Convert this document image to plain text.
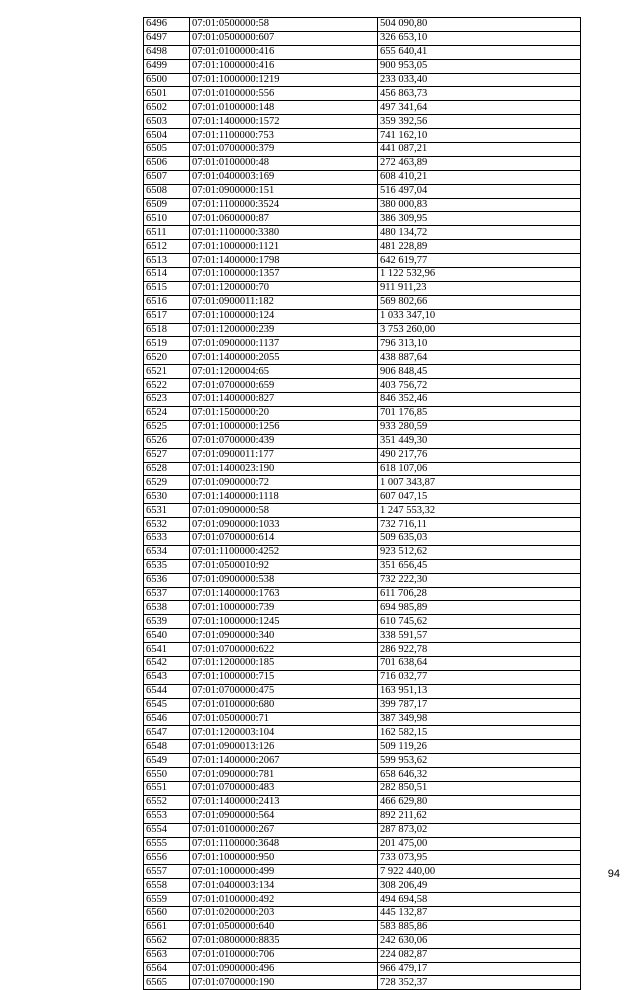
6496	07:01:0500000:58	504 090,80
6497	07:01:0500000:607	326 653,10
6498	07:01:0100000:416	655 640,41
6499	07:01:1000000:416	900 953,05
6500	07:01:1000000:1219	233 033,40
6501	07:01:0100000:556	456 863,73
6502	07:01:0100000:148	497 341,64
6503	07:01:1400000:1572	359 392,56
6504	07:01:1100000:753	741 162,10
6505	07:01:0700000:379	441 087,21
6506	07:01:0100000:48	272 463,89
6507	07:01:0400003:169	608 410,21
6508	07:01:0900000:151	516 497,04
6509	07:01:1100000:3524	380 000,83
6510	07:01:0600000:87	386 309,95
6511	07:01:1100000:3380	480 134,72
6512	07:01:1000000:1121	481 228,89
6513	07:01:1400000:1798	642 619,77
6514	07:01:1000000:1357	1 122 532,96
6515	07:01:1200000:70	911 911,23
6516	07:01:0900011:182	569 802,66
6517	07:01:1000000:124	1 033 347,10
6518	07:01:1200000:239	3 753 260,00
6519	07:01:0900000:1137	796 313,10
6520	07:01:1400000:2055	438 887,64
6521	07:01:1200004:65	906 848,45
6522	07:01:0700000:659	403 756,72
6523	07:01:1400000:827	846 352,46
6524	07:01:1500000:20	701 176,85
6525	07:01:1000000:1256	933 280,59
6526	07:01:0700000:439	351 449,30
6527	07:01:0900011:177	490 217,76
6528	07:01:1400023:190	618 107,06
6529	07:01:0900000:72	1 007 343,87
6530	07:01:1400000:1118	607 047,15
6531	07:01:0900000:58	1 247 553,32
6532	07:01:0900000:1033	732 716,11
6533	07:01:0700000:614	509 635,03
6534	07:01:1100000:4252	923 512,62
6535	07:01:0500010:92	351 656,45
6536	07:01:0900000:538	732 222,30
6537	07:01:1400000:1763	611 706,28
6538	07:01:1000000:739	694 985,89
6539	07:01:1000000:1245	610 745,62
6540	07:01:0900000:340	338 591,57
6541	07:01:0700000:622	286 922,78
6542	07:01:1200000:185	701 638,64
6543	07:01:1000000:715	716 032,77
6544	07:01:0700000:475	163 951,13
6545	07:01:0100000:680	399 787,17
6546	07:01:0500000:71	387 349,98
6547	07:01:1200003:104	162 582,15
6548	07:01:0900013:126	509 119,26
6549	07:01:1400000:2067	599 953,62
6550	07:01:0900000:781	658 646,32
6551	07:01:0700000:483	282 850,51
6552	07:01:1400000:2413	466 629,80
6553	07:01:0900000:564	892 211,62
6554	07:01:0100000:267	287 873,02
6555	07:01:1100000:3648	201 475,00
6556	07:01:1000000:950	733 073,95
6557	07:01:1000000:499	7 922 440,00
6558	07:01:0400003:134	308 206,49
6559	07:01:0100000:492	494 694,58
6560	07:01:0200000:203	445 132,87
6561	07:01:0500000:640	583 885,86
6562	07:01:0800000:8835	242 630,06
6563	07:01:0100000:706	224 082,87
6564	07:01:0900000:496	966 479,17
6565	07:01:0700000:190	728 352,37
94
